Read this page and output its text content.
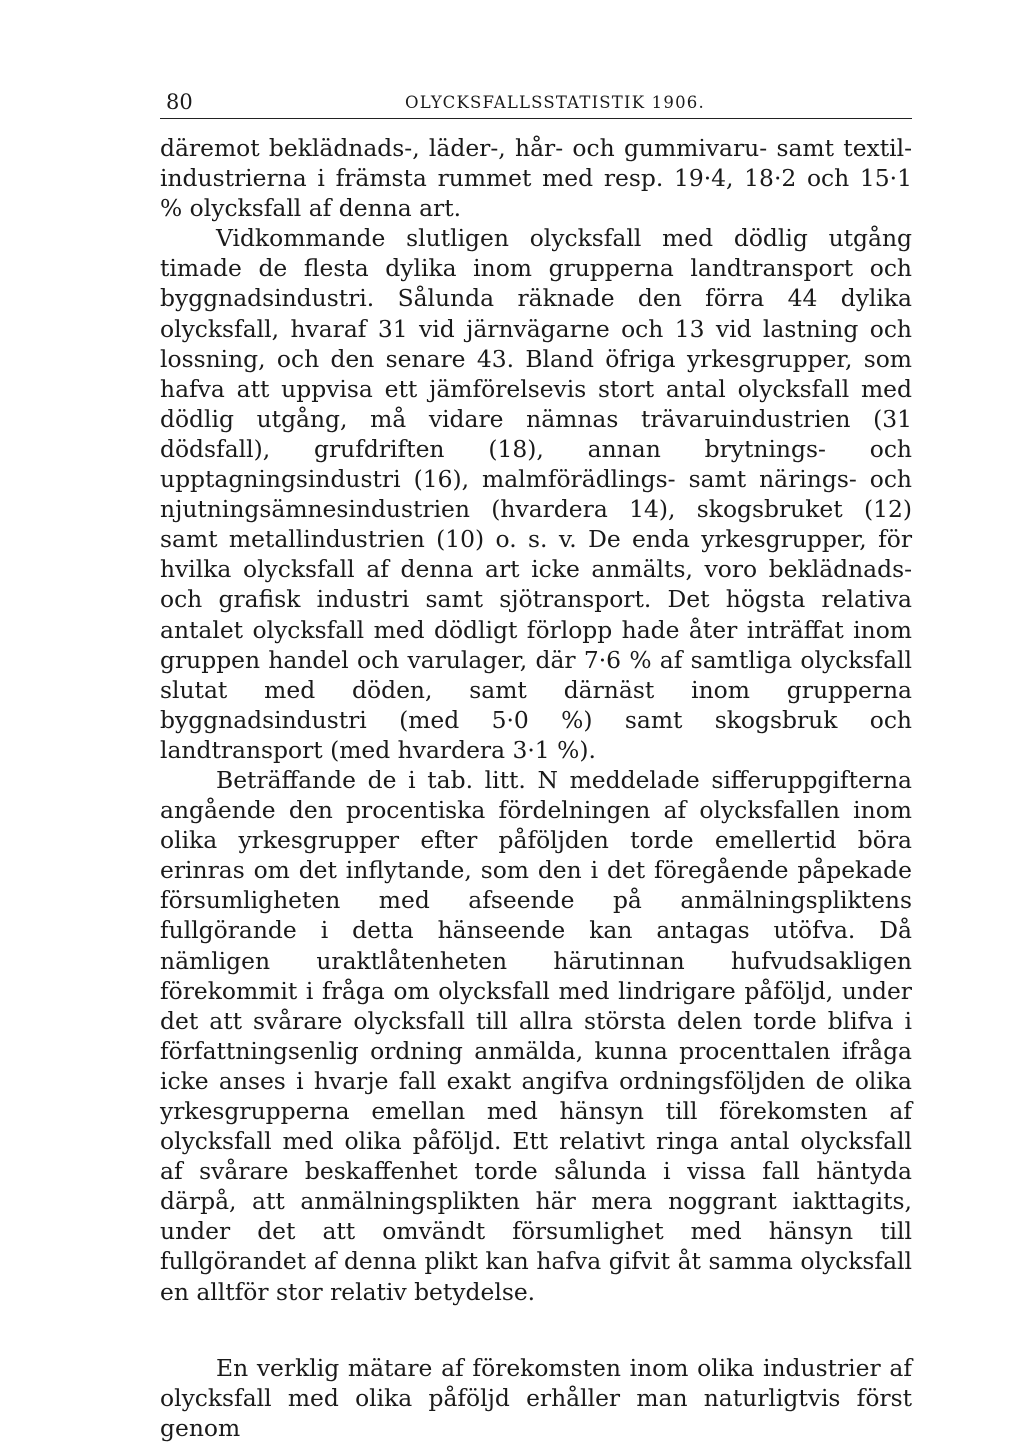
80	OLYCKSFALLSSTATISTIK 1906.

däremot beklädnads-, läder-, hår- och gummivaru- samt textilindustrierna i främsta rummet med resp. 19·4, 18·2 och 15·1 % olycksfall af denna art.

Vidkommande slutligen olycksfall med dödlig utgång timade de flesta dylika inom grupperna landtransport och byggnadsindustri. Sålunda räknade den förra 44 dylika olycksfall, hvaraf 31 vid järnvägarne och 13 vid lastning och lossning, och den senare 43. Bland öfriga yrkesgrupper, som hafva att uppvisa ett jämförelsevis stort antal olycksfall med dödlig utgång, må vidare nämnas trävaruindustrien (31 dödsfall), grufdriften (18), annan brytnings- och upptagningsindustri (16), malmförädlings- samt närings- och njutningsämnesindustrien (hvardera 14), skogsbruket (12) samt metallindustrien (10) o. s. v. De enda yrkesgrupper, för hvilka olycksfall af denna art icke anmälts, voro beklädnads- och grafisk industri samt sjötransport. Det högsta relativa antalet olycksfall med dödligt förlopp hade åter inträffat inom gruppen handel och varulager, där 7·6 % af samtliga olycksfall slutat med döden, samt därnäst inom grupperna byggnadsindustri (med 5·0 %) samt skogsbruk och landtransport (med hvardera 3·1 %).

Beträffande de i tab. litt. N meddelade sifferuppgifterna angående den procentiska fördelningen af olycksfallen inom olika yrkesgrupper efter påföljden torde emellertid böra erinras om det inflytande, som den i det föregående påpekade försumligheten med afseende på anmälningspliktens fullgörande i detta hänseende kan antagas utöfva. Då nämligen uraktlåtenheten härutinnan hufvudsakligen förekommit i fråga om olycksfall med lindrigare påföljd, under det att svårare olycksfall till allra största delen torde blifva i författningsenlig ordning anmälda, kunna procenttalen ifråga icke anses i hvarje fall exakt angifva ordningsföljden de olika yrkesgrupperna emellan med hänsyn till förekomsten af olycksfall med olika påföljd. Ett relativt ringa antal olycksfall af svårare beskaffenhet torde sålunda i vissa fall häntyda därpå, att anmälningsplikten här mera noggrant iakttagits, under det att omvändt försumlighet med hänsyn till fullgörandet af denna plikt kan hafva gifvit åt samma olycksfall en alltför stor relativ betydelse.

En verklig mätare af förekomsten inom olika industrier af olycksfall med olika påföljd erhåller man naturligtvis först genom
